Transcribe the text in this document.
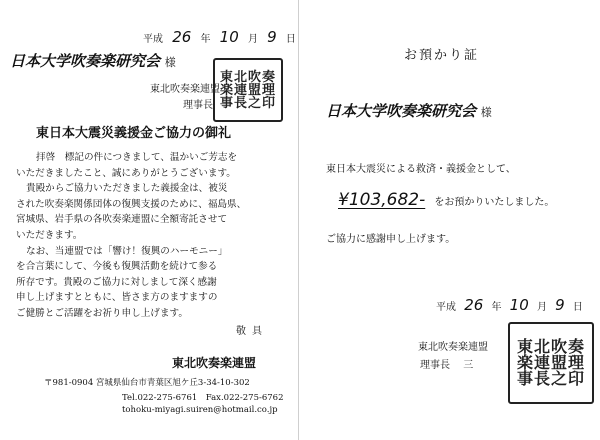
平成 26 年 10 月 9 日
日本大学吹奏楽研究会 様
東北吹奏楽連盟
理事長
東北吹奏
楽連盟理
事長之印
東日本大震災義援金ご協力の御礼
拝啓　標記の件につきまして、温かいご芳志を
いただきましたこと、誠にありがとうございます。
貴殿からご協力いただきました義援金は、被災
された吹奏楽関係団体の復興支援のために、福島県、
宮城県、岩手県の各吹奏楽連盟に全額寄託させて
いただきます。
なお、当連盟では「響け！復興のハーモニー」
を合言葉にして、今後も復興活動を続けて参る
所存です。貴殿のご協力に対しまして深く感謝
申し上げますとともに、皆さま方のますますの
ご健勝とご活躍をお祈り申し上げます。
敬具
東北吹奏楽連盟
〒981-0904 宮城県仙台市青葉区旭ケ丘3-34-10-302
Tel.022-275-6761　Fax.022-275-6762
tohoku-miyagi.suiren@hotmail.co.jp
お預かり証
日本大学吹奏楽研究会 様
東日本大震災による救済・義援金として、
¥103,682- をお預かりいたしました。
ご協力に感謝申し上げます。
平成 26 年 10 月 9 日
東北吹奏楽連盟
理事長 三
東北吹奏
楽連盟理
事長之印
